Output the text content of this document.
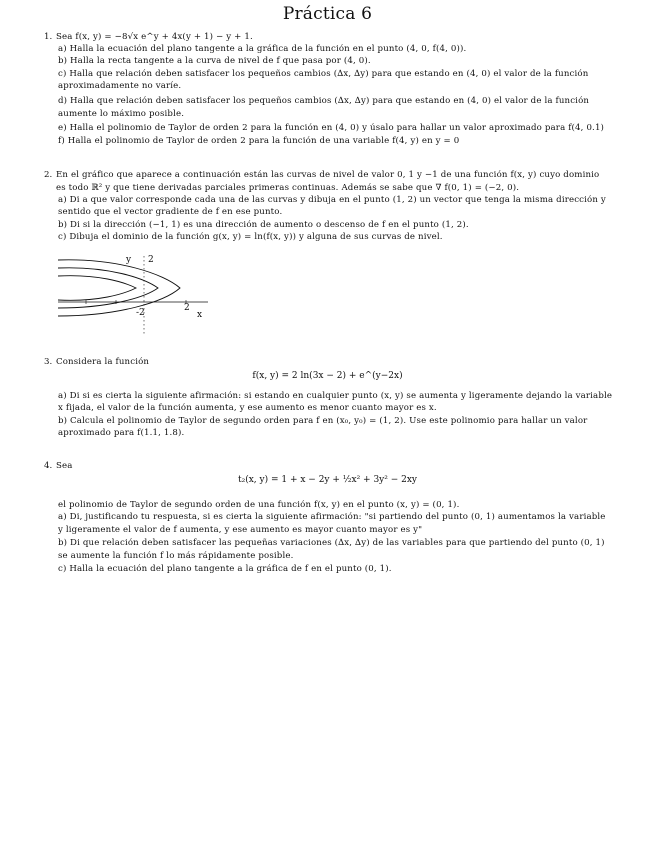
Práctica 6
1. Sea f(x, y) = −8√x e^y + 4x(y + 1) − y + 1.
a) Halla la ecuación del plano tangente a la gráfica de la función en el punto (4, 0, f(4, 0)).
b) Halla la recta tangente a la curva de nivel de f que pasa por (4, 0).
c) Halla que relación deben satisfacer los pequeños cambios (∆x, ∆y) para que estando en (4, 0) el valor de la función
aproximadamente no varíe.
d) Halla que relación deben satisfacer los pequeños cambios (∆x, ∆y) para que estando en (4, 0) el valor de la función
aumente lo máximo posible.
e) Halla el polinomio de Taylor de orden 2 para la función en (4, 0) y úsalo para hallar un valor aproximado para f(4, 0.1)
f) Halla el polinomio de Taylor de orden 2 para la función de una variable f(4, y) en y = 0
2. En el gráfico que aparece a continuación están las curvas de nivel de valor 0, 1 y −1 de una función f(x, y) cuyo dominio
es todo ℝ² y que tiene derivadas parciales primeras continuas. Además se sabe que ∇ f(0, 1) = (−2, 0).
a) Di a que valor corresponde cada una de las curvas y dibuja en el punto (1, 2) un vector que tenga la misma dirección y
sentido que el vector gradiente de f en ese punto.
b) Di si la dirección (−1, 1) es una dirección de aumento o descenso de f en el punto (1, 2).
c) Dibuja el dominio de la función g(x, y) = ln(f(x, y)) y alguna de sus curvas de nivel.
y 2
-2	2
x
3. Considera la función
f(x, y) = 2 ln(3x − 2) + e^(y−2x)
a) Di si es cierta la siguiente afirmación: si estando en cualquier punto (x, y) se aumenta y ligeramente dejando la variable
x fijada, el valor de la función aumenta, y ese aumento es menor cuanto mayor es x.
b) Calcula el polinomio de Taylor de segundo orden para f en (x₀, y₀) = (1, 2). Use este polinomio para hallar un valor
aproximado para f(1.1, 1.8).
4. Sea
t₂(x, y) = 1 + x − 2y + ½x² + 3y² − 2xy
el polinomio de Taylor de segundo orden de una función f(x, y) en el punto (x, y) = (0, 1).
a) Di, justificando tu respuesta, si es cierta la siguiente afirmación: "si partiendo del punto (0, 1) aumentamos la variable
y ligeramente el valor de f aumenta, y ese aumento es mayor cuanto mayor es y"
b) Di que relación deben satisfacer las pequeñas variaciones (∆x, ∆y) de las variables para que partiendo del punto (0, 1)
se aumente la función f lo más rápidamente posible.
c) Halla la ecuación del plano tangente a la gráfica de f en el punto (0, 1).
